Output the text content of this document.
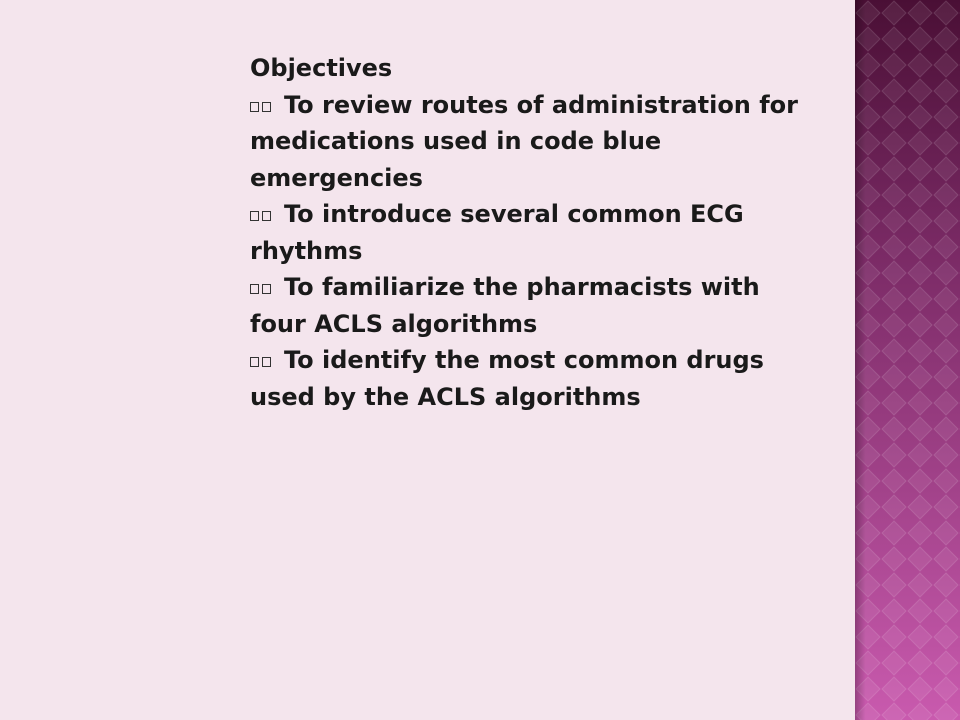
Objectives
To review routes of administration for medications used in code blue emergencies
To introduce several common ECG rhythms
To familiarize the pharmacists with four ACLS algorithms
To identify the most common drugs used by the ACLS algorithms
